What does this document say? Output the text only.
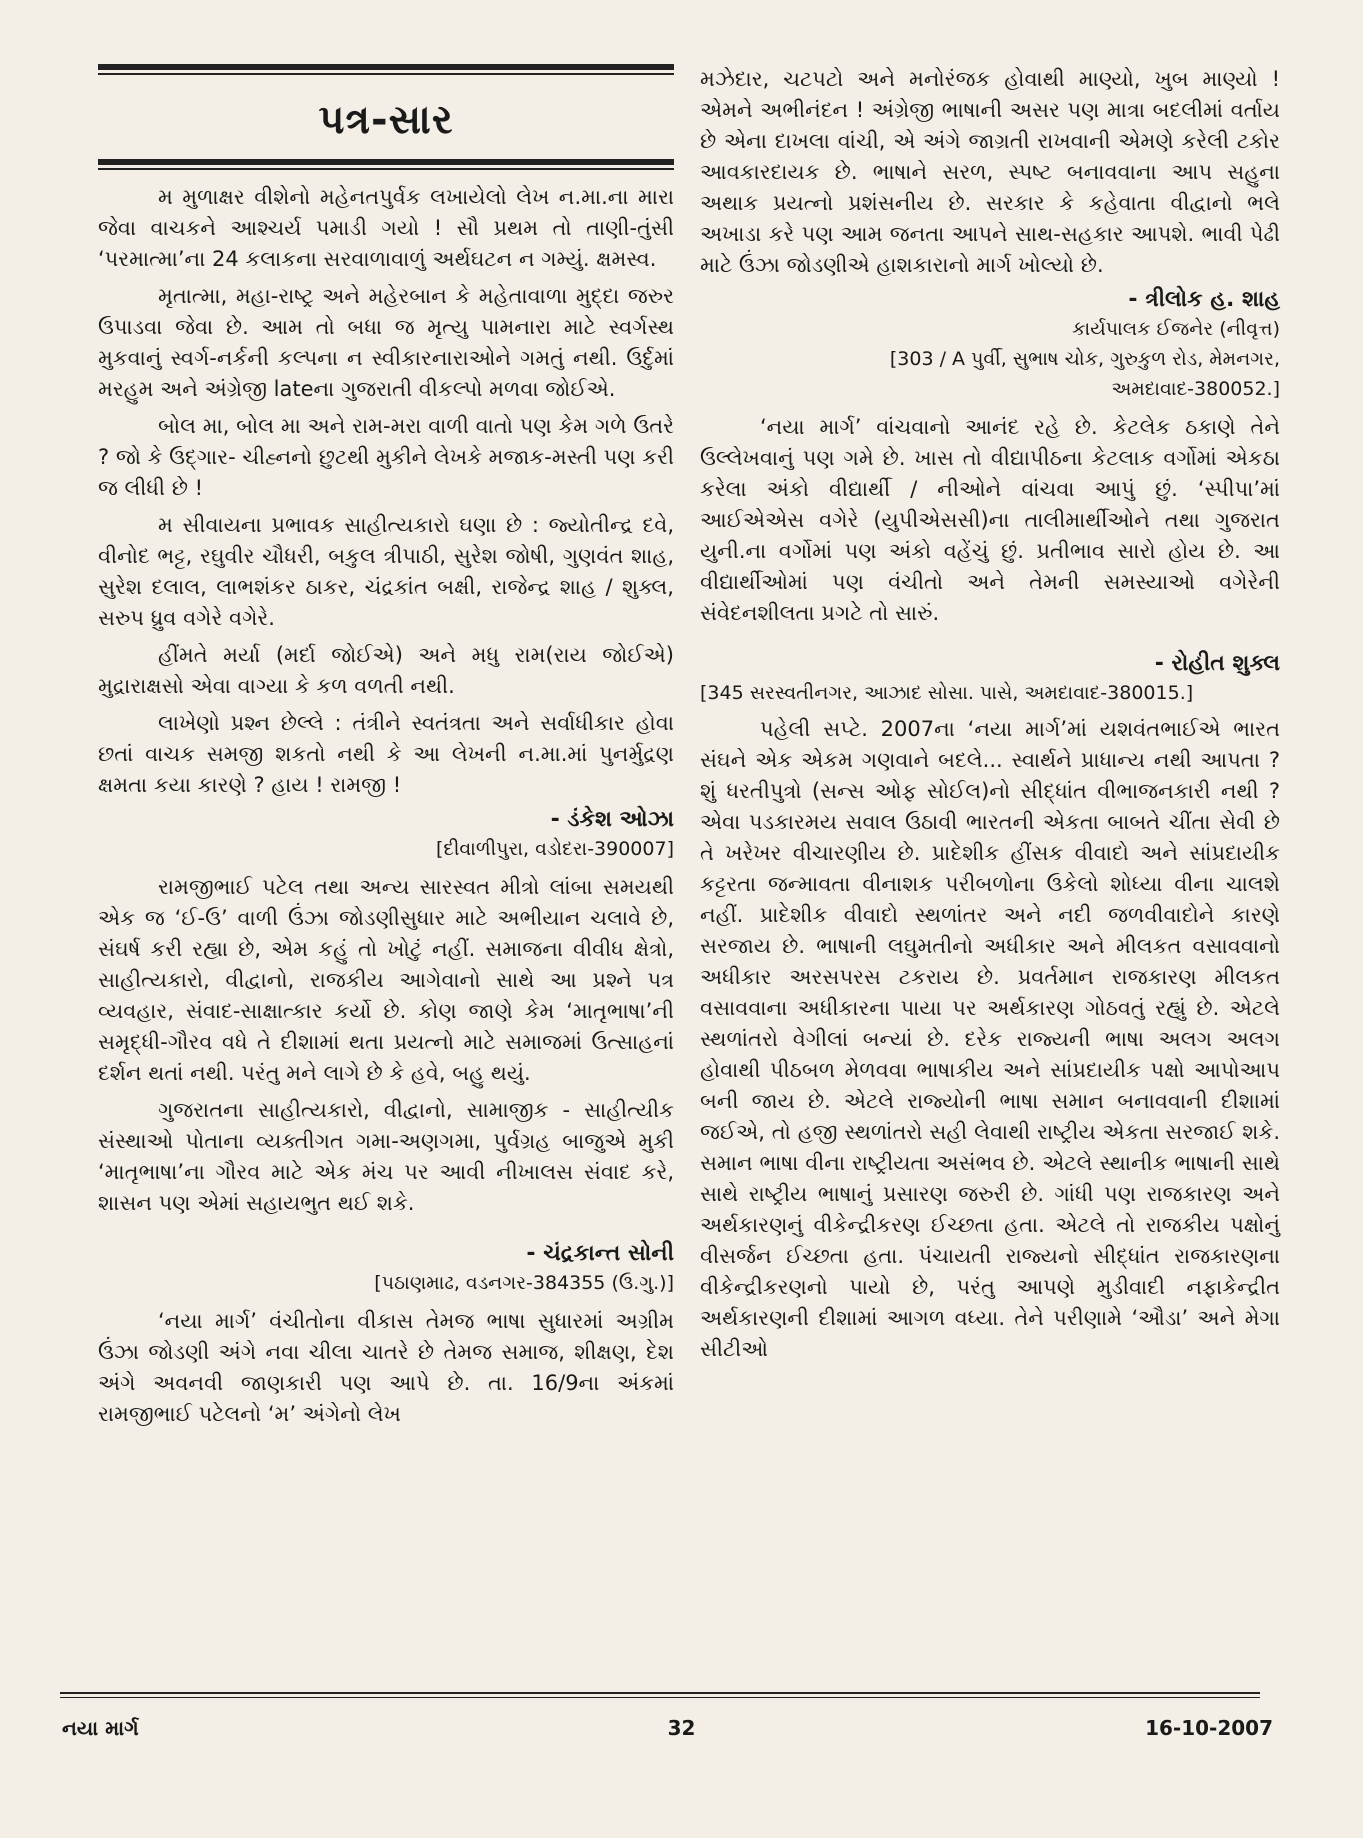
પત્ર-સાર

મ મુળાક્ષર વીશેનો મહેનતપુર્વક લખાયેલો લેખ ન.મા.ના મારા જેવા વાચકને આશ્ચર્ય પમાડી ગયો ! સૌ પ્રથમ તો તાણી-તુંસી ‘પરમાત્મા’ના 24 કલાકના સરવાળાવાળું અર્થઘટન ન ગમ્યું. ક્ષમસ્વ.

મૃતાત્મા, મહા-રાષ્ટ્ર અને મહેરબાન કે મહેતાવાળા મુદ્દા જરુર ઉપાડવા જેવા છે. આમ તો બધા જ મૃત્યુ પામનારા માટે સ્વર્ગસ્થ મુકવાનું સ્વર્ગ-નર્કની કલ્પના ન સ્વીકારનારાઓને ગમતું નથી. ઉર્દુમાં મરહુમ અને અંગ્રેજી lateના ગુજરાતી વીકલ્પો મળવા જોઈએ.

બોલ મા, બોલ મા અને રામ-મરા વાળી વાતો પણ કેમ ગળે ઉતરે ? જો કે ઉદ્ગાર- ચીહ્નનો છુટથી મુકીને લેખકે મજાક-મસ્તી પણ કરી જ લીધી છે !

મ સીવાયના પ્રભાવક સાહીત્યકારો ઘણા છે : જ્યોતીન્દ્ર દવે, વીનોદ ભટ્ટ, રઘુવીર ચૌધરી, બકુલ ત્રીપાઠી, સુરેશ જોષી, ગુણવંત શાહ, સુરેશ દલાલ, લાભશંકર ઠાકર, ચંદ્રકાંત બક્ષી, રાજેન્દ્ર શાહ / શુક્લ, સરુપ ધ્રુવ વગેરે વગેરે.

હીંમતે મર્યા (મર્દા જોઈએ) અને મધુ રામ(રાય જોઈએ) મુદ્રારાક્ષસો એવા વાગ્યા કે કળ વળતી નથી.

લાખેણો પ્રશ્ન છેલ્લે : તંત્રીને સ્વતંત્રતા અને સર્વાધીકાર હોવા છતાં વાચક સમજી શકતો નથી કે આ લેખની ન.મા.માં પુનર્મુદ્રણ ક્ષમતા કયા કારણે ? હાય ! રામજી !

- ડંકેશ ઓઝા
[દીવાળીપુરા, વડોદરા-390007]

રામજીભાઈ પટેલ તથા અન્ય સારસ્વત મીત્રો લાંબા સમયથી એક જ ‘ઈ-ઉ’ વાળી ઉંઝા જોડણીસુધાર માટે અભીયાન ચલાવે છે, સંઘર્ષ કરી રહ્યા છે, એમ કહું તો ખોટું નહીં. સમાજના વીવીધ ક્ષેત્રો, સાહીત્યકારો, વીદ્વાનો, રાજકીય આગેવાનો સાથે આ પ્રશ્ને પત્ર વ્યવહાર, સંવાદ-સાક્ષાત્કાર કર્યો છે. કોણ જાણે કેમ ‘માતૃભાષા’ની સમૃદ્ધી-ગૌરવ વધે તે દીશામાં થતા પ્રયત્નો માટે સમાજમાં ઉત્સાહનાં દર્શન થતાં નથી. પરંતુ મને લાગે છે કે હવે, બહુ થયું.

ગુજરાતના સાહીત્યકારો, વીદ્વાનો, સામાજીક - સાહીત્યીક સંસ્થાઓ પોતાના વ્યક્તીગત ગમા-અણગમા, પુર્વગ્રહ બાજુએ મુકી ‘માતૃભાષા’ના ગૌરવ માટે એક મંચ પર આવી નીખાલસ સંવાદ કરે, શાસન પણ એમાં સહાયભુત થઈ શકે.

- ચંદ્રકાન્ત સોની
[પઠાણમાઢ, વડનગર-384355 (ઉ.ગુ.)]

‘નયા માર્ગ’ વંચીતોના વીકાસ તેમજ ભાષા સુધારમાં અગ્રીમ ઉંઝા જોડણી અંગે નવા ચીલા ચાતરે છે તેમજ સમાજ, શીક્ષણ, દેશ અંગે અવનવી જાણકારી પણ આપે છે. તા. 16/9ના અંકમાં રામજીભાઈ પટેલનો ‘મ’ અંગેનો લેખ

મઝેદાર, ચટપટો અને મનોરંજક હોવાથી માણ્યો, ખુબ માણ્યો ! એમને અભીનંદન ! અંગ્રેજી ભાષાની અસર પણ માત્રા બદલીમાં વર્તાય છે એના દાખલા વાંચી, એ અંગે જાગ્રતી રાખવાની એમણે કરેલી ટકોર આવકારદાયક છે. ભાષાને સરળ, સ્પષ્ટ બનાવવાના આપ સહુના અથાક પ્રયત્નો પ્રશંસનીય છે. સરકાર કે કહેવાતા વીદ્વાનો ભલે અખાડા કરે પણ આમ જનતા આપને સાથ-સહકાર આપશે. ભાવી પેઢી માટે ઉંઝા જોડણીએ હાશકારાનો માર્ગ ખોલ્યો છે.

- ત્રીલોક હ. શાહ
કાર્યપાલક ઈજનેર (નીવૃત્ત)
[303 / A પુર્વી, સુભાષ ચોક, ગુરુકુળ રોડ, મેમનગર,
અમદાવાદ-380052.]

‘નયા માર્ગ’ વાંચવાનો આનંદ રહે છે. કેટલેક ઠકાણે તેને ઉલ્લેખવાનું પણ ગમે છે. ખાસ તો વીદ્યાપીઠના કેટલાક વર્ગોમાં એકઠા કરેલા અંકો વીદ્યાર્થી / નીઓને વાંચવા આપું છું. ‘સ્પીપા’માં આઈએએસ વગેરે (યુપીએસસી)ના તાલીમાર્થીઓને તથા ગુજરાત યુની.ના વર્ગોમાં પણ અંકો વહેંચું છું. પ્રતીભાવ સારો હોય છે. આ વીદ્યાર્થીઓમાં પણ વંચીતો અને તેમની સમસ્યાઓ વગેરેની સંવેદનશીલતા પ્રગટે તો સારું.

- રોહીત શુક્લ
[345 સરસ્વતીનગર, આઝાદ સોસા. પાસે, અમદાવાદ-380015.]

પહેલી સપ્ટે. 2007ના ‘નયા માર્ગ’માં યશવંતભાઈએ ભારત સંઘને એક એકમ ગણવાને બદલે... સ્વાર્થને પ્રાધાન્ય નથી આપતા ? શું ધરતીપુત્રો (સન્સ ઓફ સોઈલ)નો સીદ્ધાંત વીભાજનકારી નથી ? એવા પડકારમય સવાલ ઉઠાવી ભારતની એકતા બાબતે ચીંતા સેવી છે તે ખરેખર વીચારણીય છે. પ્રાદેશીક હીંસક વીવાદો અને સાંપ્રદાયીક કટ્ટરતા જન્માવતા વીનાશક પરીબળોના ઉકેલો શોધ્યા વીના ચાલશે નહીં. પ્રાદેશીક વીવાદો સ્થળાંતર અને નદી જળવીવાદોને કારણે સરજાય છે. ભાષાની લઘુમતીનો અધીકાર અને મીલકત વસાવવાનો અધીકાર અરસપરસ ટકરાય છે. પ્રવર્તમાન રાજકારણ મીલકત વસાવવાના અધીકારના પાયા પર અર્થકારણ ગોઠવતું રહ્યું છે. એટલે સ્થળાંતરો વેગીલાં બન્યાં છે. દરેક રાજ્યની ભાષા અલગ અલગ હોવાથી પીઠબળ મેળવવા ભાષાકીય અને સાંપ્રદાયીક પક્ષો આપોઆપ બની જાય છે. એટલે રાજ્યોની ભાષા સમાન બનાવવાની દીશામાં જઈએ, તો હજી સ્થળાંતરો સહી લેવાથી રાષ્ટ્રીય એકતા સરજાઈ શકે. સમાન ભાષા વીના રાષ્ટ્રીયતા અસંભવ છે. એટલે સ્થાનીક ભાષાની સાથે સાથે રાષ્ટ્રીય ભાષાનું પ્રસારણ જરુરી છે. ગાંધી પણ રાજકારણ અને અર્થકારણનું વીકેન્દ્રીકરણ ઈચ્છતા હતા. એટલે તો રાજકીય પક્ષોનું વીસર્જન ઈચ્છતા હતા. પંચાયતી રાજ્યનો સીદ્ધાંત રાજકારણના વીકેન્દ્રીકરણનો પાયો છે, પરંતુ આપણે મુડીવાદી નફાકેન્દ્રીત અર્થકારણની દીશામાં આગળ વધ્યા. તેને પરીણામે ‘ઔડા’ અને મેગા સીટીઓ

નયા માર્ગ	32	16-10-2007
